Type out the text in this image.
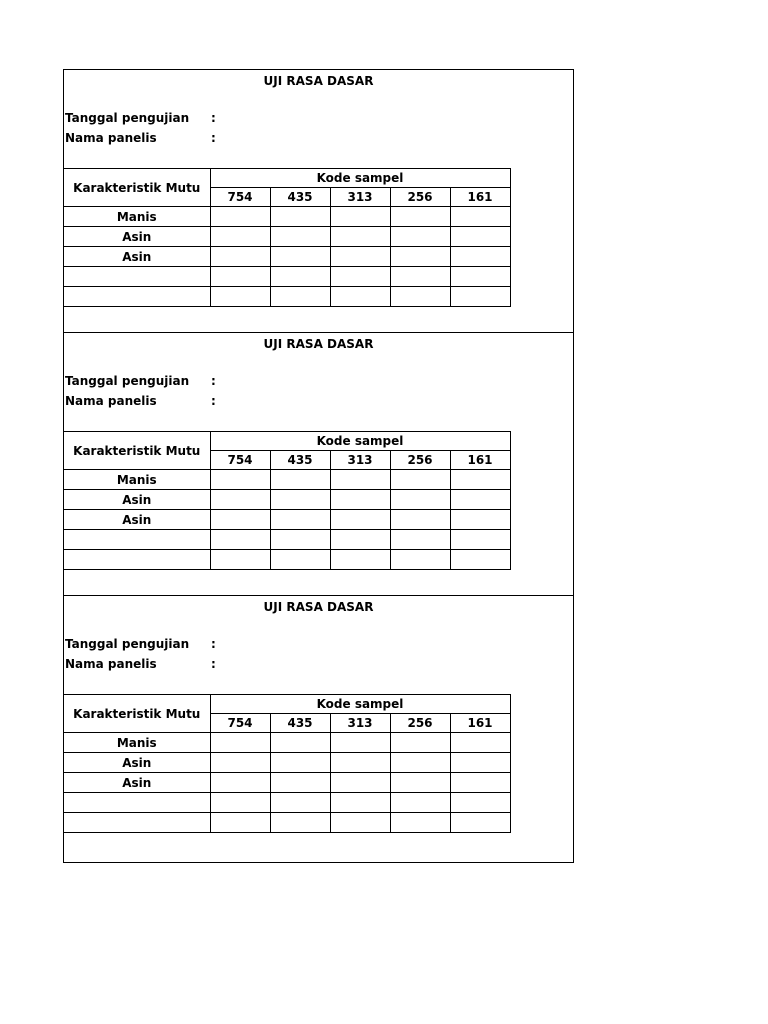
UJI RASA DASAR
Tanggal pengujian :
Nama panelis	:
Karakteristik Mutu	Kode sampel				
	754	435	313	256	161
Manis					
Asin					
Asin					

UJI RASA DASAR
Tanggal pengujian :
Nama panelis	:
Karakteristik Mutu	Kode sampel				
	754	435	313	256	161
Manis					
Asin					
Asin					

UJI RASA DASAR
Tanggal pengujian :
Nama panelis	:
Karakteristik Mutu	Kode sampel				
	754	435	313	256	161
Manis					
Asin					
Asin					
